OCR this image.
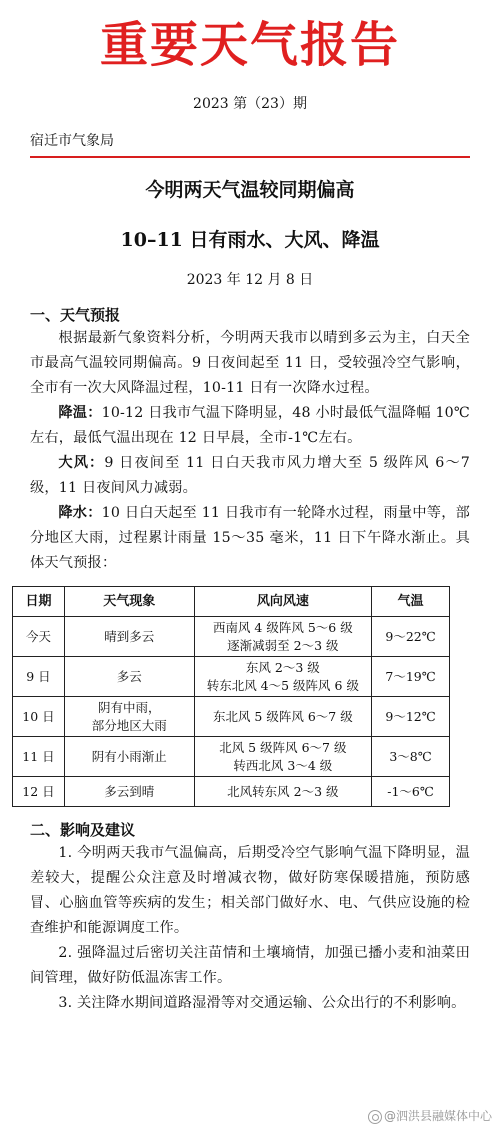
重要天气报告
2023 第（23）期
宿迁市气象局
今明两天气温较同期偏高
10–11 日有雨水、大风、降温
2023 年 12 月 8 日
一、天气预报

根据最新气象资料分析，今明两天我市以晴到多云为主，白天全市最高气温较同期偏高。9 日夜间起至 11 日，受较强冷空气影响，全市有一次大风降温过程，10-11 日有一次降水过程。

降温：10-12 日我市气温下降明显，48 小时最低气温降幅 10℃左右，最低气温出现在 12 日早晨，全市-1℃左右。

大风：9 日夜间至 11 日白天我市风力增大至 5 级阵风 6～7 级，11 日夜间风力减弱。

降水：10 日白天起至 11 日我市有一轮降水过程，雨量中等，部分地区大雨，过程累计雨量 15～35 毫米，11 日下午降水渐止。具体天气预报：

日期	天气现象	风向风速	气温
今天	晴到多云	西南风 4 级阵风 5～6 级
逐渐减弱至 2～3 级	9～22℃
9 日	多云	东风 2～3 级
转东北风 4～5 级阵风 6 级	7～19℃
10 日	阴有中雨，
部分地区大雨	东北风 5 级阵风 6～7 级	9～12℃
11 日	阴有小雨渐止	北风 5 级阵风 6～7 级
转西北风 3～4 级	3～8℃
12 日	多云到晴	北风转东风 2～3 级	-1～6℃
二、影响及建议

1. 今明两天我市气温偏高，后期受冷空气影响气温下降明显，温差较大，提醒公众注意及时增减衣物，做好防寒保暖措施，预防感冒、心脑血管等疾病的发生；相关部门做好水、电、气供应设施的检查维护和能源调度工作。

2. 强降温过后密切关注苗情和土壤墒情，加强已播小麦和油菜田间管理，做好防低温冻害工作。

3. 关注降水期间道路湿滑等对交通运输、公众出行的不利影响。

@泗洪县融媒体中心
